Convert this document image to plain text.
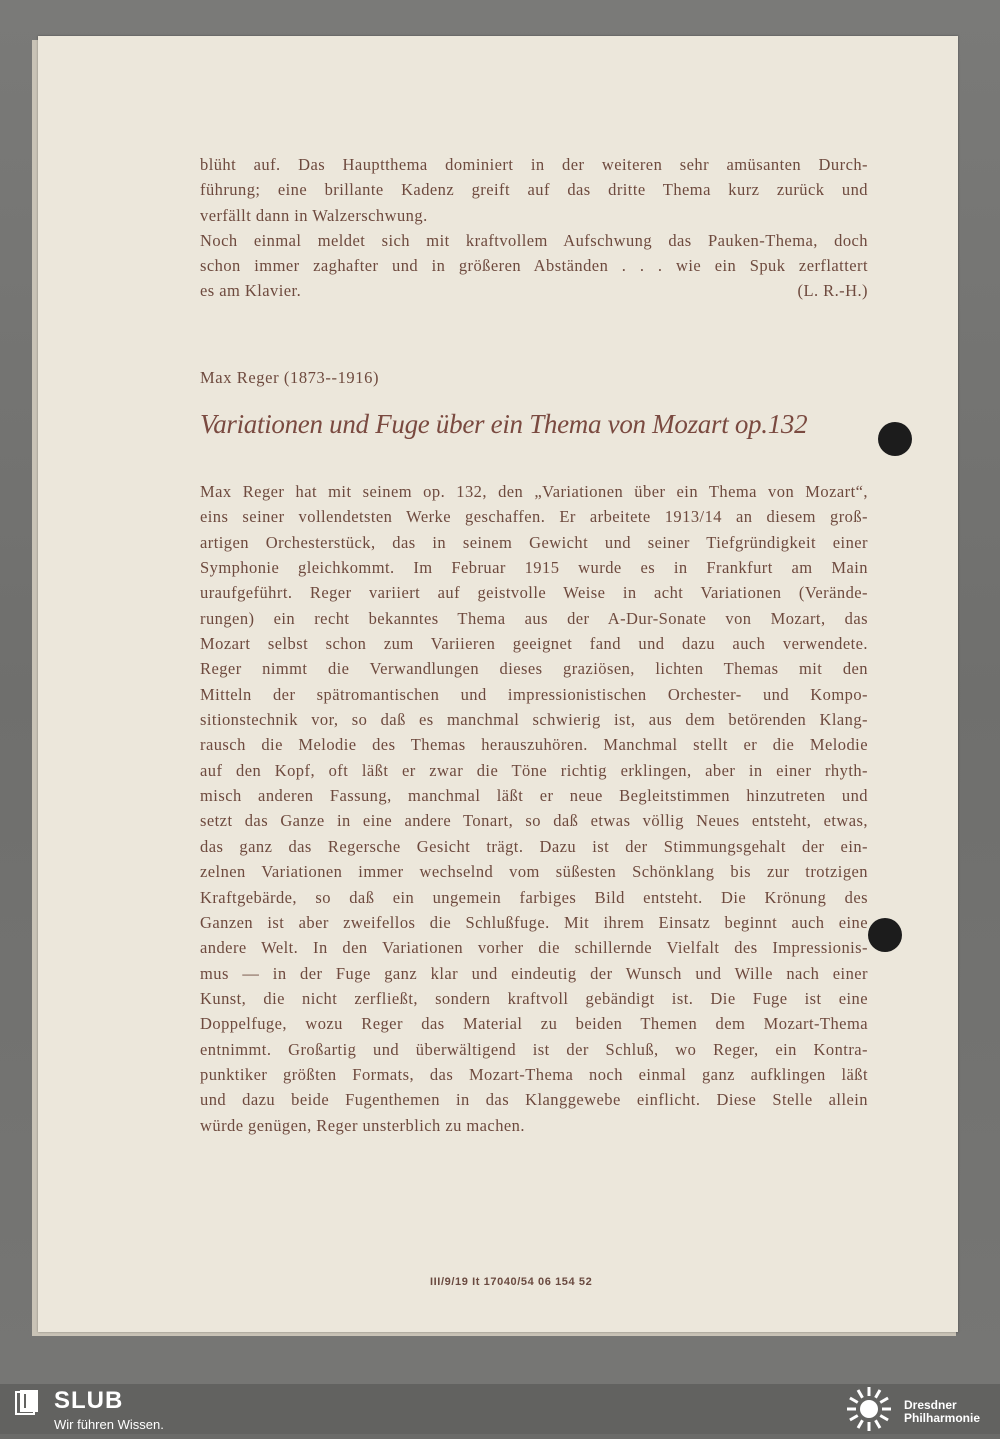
blüht auf. Das Hauptthema dominiert in der weiteren sehr amüsanten Durch-
führung; eine brillante Kadenz greift auf das dritte Thema kurz zurück und
verfällt dann in Walzerschwung.
Noch einmal meldet sich mit kraftvollem Aufschwung das Pauken-Thema, doch
schon immer zaghafter und in größeren Abständen . . . wie ein Spuk zerflattert
es am Klavier.	(L. R.-H.)

Max Reger (1873--1916)

Variationen und Fuge über ein Thema von Mozart op.132

Max Reger hat mit seinem op. 132, den „Variationen über ein Thema von Mozart“,
eins seiner vollendetsten Werke geschaffen. Er arbeitete 1913/14 an diesem groß-
artigen Orchesterstück, das in seinem Gewicht und seiner Tiefgründigkeit einer
Symphonie gleichkommt. Im Februar 1915 wurde es in Frankfurt am Main
uraufgeführt. Reger variiert auf geistvolle Weise in acht Variationen (Verände-
rungen) ein recht bekanntes Thema aus der A-Dur-Sonate von Mozart, das
Mozart selbst schon zum Variieren geeignet fand und dazu auch verwendete.
Reger nimmt die Verwandlungen dieses graziösen, lichten Themas mit den
Mitteln der spätromantischen und impressionistischen Orchester- und Kompo-
sitionstechnik vor, so daß es manchmal schwierig ist, aus dem betörenden Klang-
rausch die Melodie des Themas herauszuhören. Manchmal stellt er die Melodie
auf den Kopf, oft läßt er zwar die Töne richtig erklingen, aber in einer rhyth-
misch anderen Fassung, manchmal läßt er neue Begleitstimmen hinzutreten und
setzt das Ganze in eine andere Tonart, so daß etwas völlig Neues entsteht, etwas,
das ganz das Regersche Gesicht trägt. Dazu ist der Stimmungsgehalt der ein-
zelnen Variationen immer wechselnd vom süßesten Schönklang bis zur trotzigen
Kraftgebärde, so daß ein ungemein farbiges Bild entsteht. Die Krönung des
Ganzen ist aber zweifellos die Schlußfuge. Mit ihrem Einsatz beginnt auch eine
andere Welt. In den Variationen vorher die schillernde Vielfalt des Impressionis-
mus — in der Fuge ganz klar und eindeutig der Wunsch und Wille nach einer
Kunst, die nicht zerfließt, sondern kraftvoll gebändigt ist. Die Fuge ist eine
Doppelfuge, wozu Reger das Material zu beiden Themen dem Mozart-Thema
entnimmt. Großartig und überwältigend ist der Schluß, wo Reger, ein Kontra-
punktiker größten Formats, das Mozart-Thema noch einmal ganz aufklingen läßt
und dazu beide Fugenthemen in das Klanggewebe einflicht. Diese Stelle allein
würde genügen, Reger unsterblich zu machen.

III/9/19 It 17040/54 06 154 52
SLUB
Wir führen Wissen.
Dresdner
Philharmonie
